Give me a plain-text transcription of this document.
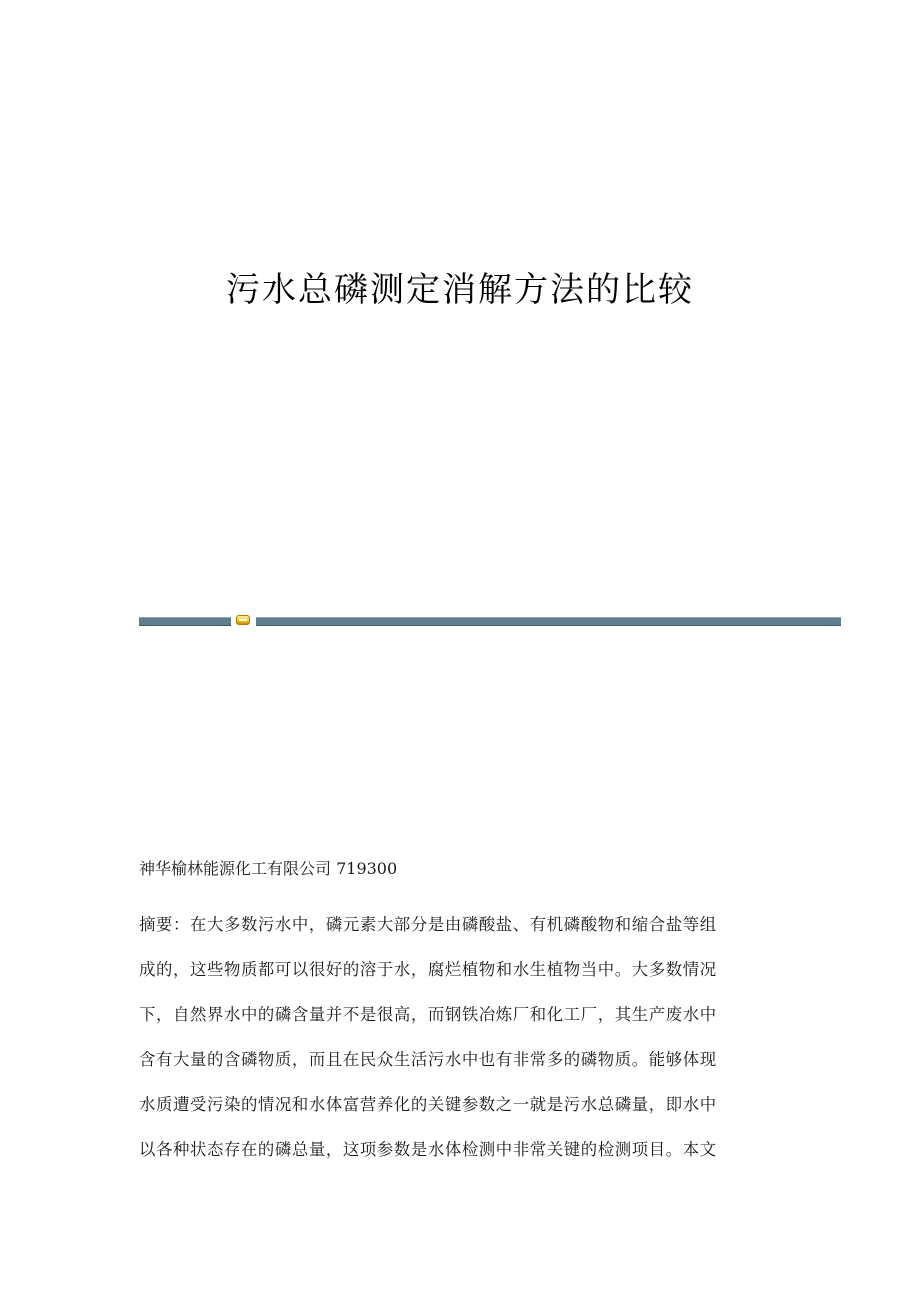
污水总磷测定消解方法的比较
神华榆林能源化工有限公司 719300
摘要：在大多数污水中，磷元素大部分是由磷酸盐、有机磷酸物和缩合盐等组
成的，这些物质都可以很好的溶于水，腐烂植物和水生植物当中。大多数情况
下，自然界水中的磷含量并不是很高，而钢铁冶炼厂和化工厂，其生产废水中
含有大量的含磷物质，而且在民众生活污水中也有非常多的磷物质。能够体现
水质遭受污染的情况和水体富营养化的关键参数之一就是污水总磷量，即水中
以各种状态存在的磷总量，这项参数是水体检测中非常关键的检测项目。本文
